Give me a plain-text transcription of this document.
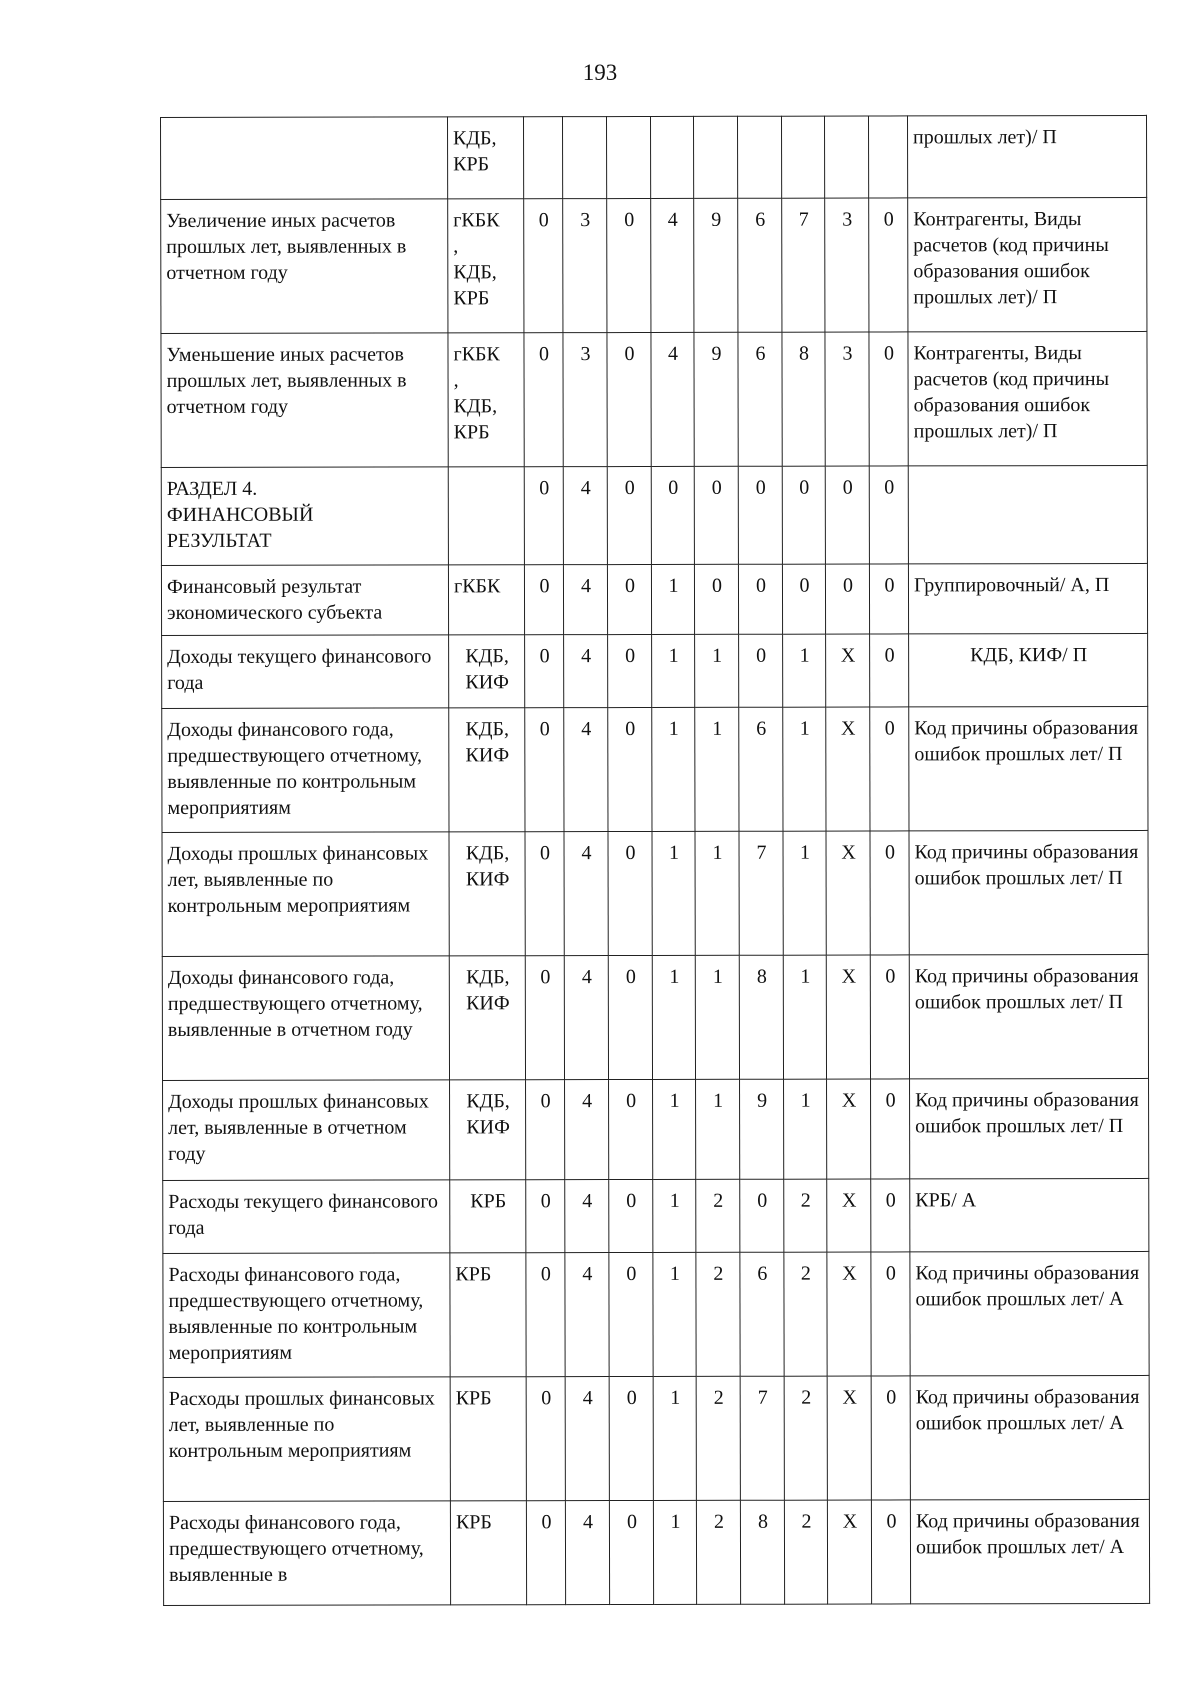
193

	КДБ,
КРБ										прошлых лет)/ П
Увеличение иных расчетов прошлых лет, выявленных в отчетном году	гКБК
,
КДБ,
КРБ	0	3	0	4	9	6	7	3	0	Контрагенты, Виды расчетов (код причины образования ошибок прошлых лет)/ П
Уменьшение иных расчетов прошлых лет, выявленных в отчетном году	гКБК
,
КДБ,
КРБ	0	3	0	4	9	6	8	3	0	Контрагенты, Виды расчетов (код причины образования ошибок прошлых лет)/ П

РАЗДЕЛ 4.
ФИНАНСОВЫЙ
РЕЗУЛЬТАТ		0	4	0	0	0	0	0	0	0	
Финансовый результат экономического субъекта	гКБК	0	4	0	1	0	0	0	0	0	Группировочный/ А, П
Доходы текущего финансового года	КДБ,
КИФ	0	4	0	1	1	0	1	X	0	КДБ, КИФ/ П
Доходы финансового года, предшествующего отчетному, выявленные по контрольным мероприятиям	КДБ,
КИФ	0	4	0	1	1	6	1	X	0	Код причины образования ошибок прошлых лет/ П
Доходы прошлых финансовых лет, выявленные по контрольным мероприятиям	КДБ,
КИФ	0	4	0	1	1	7	1	X	0	Код причины образования ошибок прошлых лет/ П
Доходы финансового года, предшествующего отчетному, выявленные в отчетном году	КДБ,
КИФ	0	4	0	1	1	8	1	X	0	Код причины образования ошибок прошлых лет/ П
Доходы прошлых финансовых лет, выявленные в отчетном году	КДБ,
КИФ	0	4	0	1	1	9	1	X	0	Код причины образования ошибок прошлых лет/ П
Расходы текущего финансового года	КРБ	0	4	0	1	2	0	2	X	0	КРБ/ А
Расходы финансового года, предшествующего отчетному, выявленные по контрольным мероприятиям	КРБ	0	4	0	1	2	6	2	X	0	Код причины образования ошибок прошлых лет/ А
Расходы прошлых финансовых лет, выявленные по контрольным мероприятиям	КРБ	0	4	0	1	2	7	2	X	0	Код причины образования ошибок прошлых лет/ А
Расходы финансового года, предшествующего отчетному, выявленные в	КРБ	0	4	0	1	2	8	2	X	0	Код причины образования ошибок прошлых лет/ А
